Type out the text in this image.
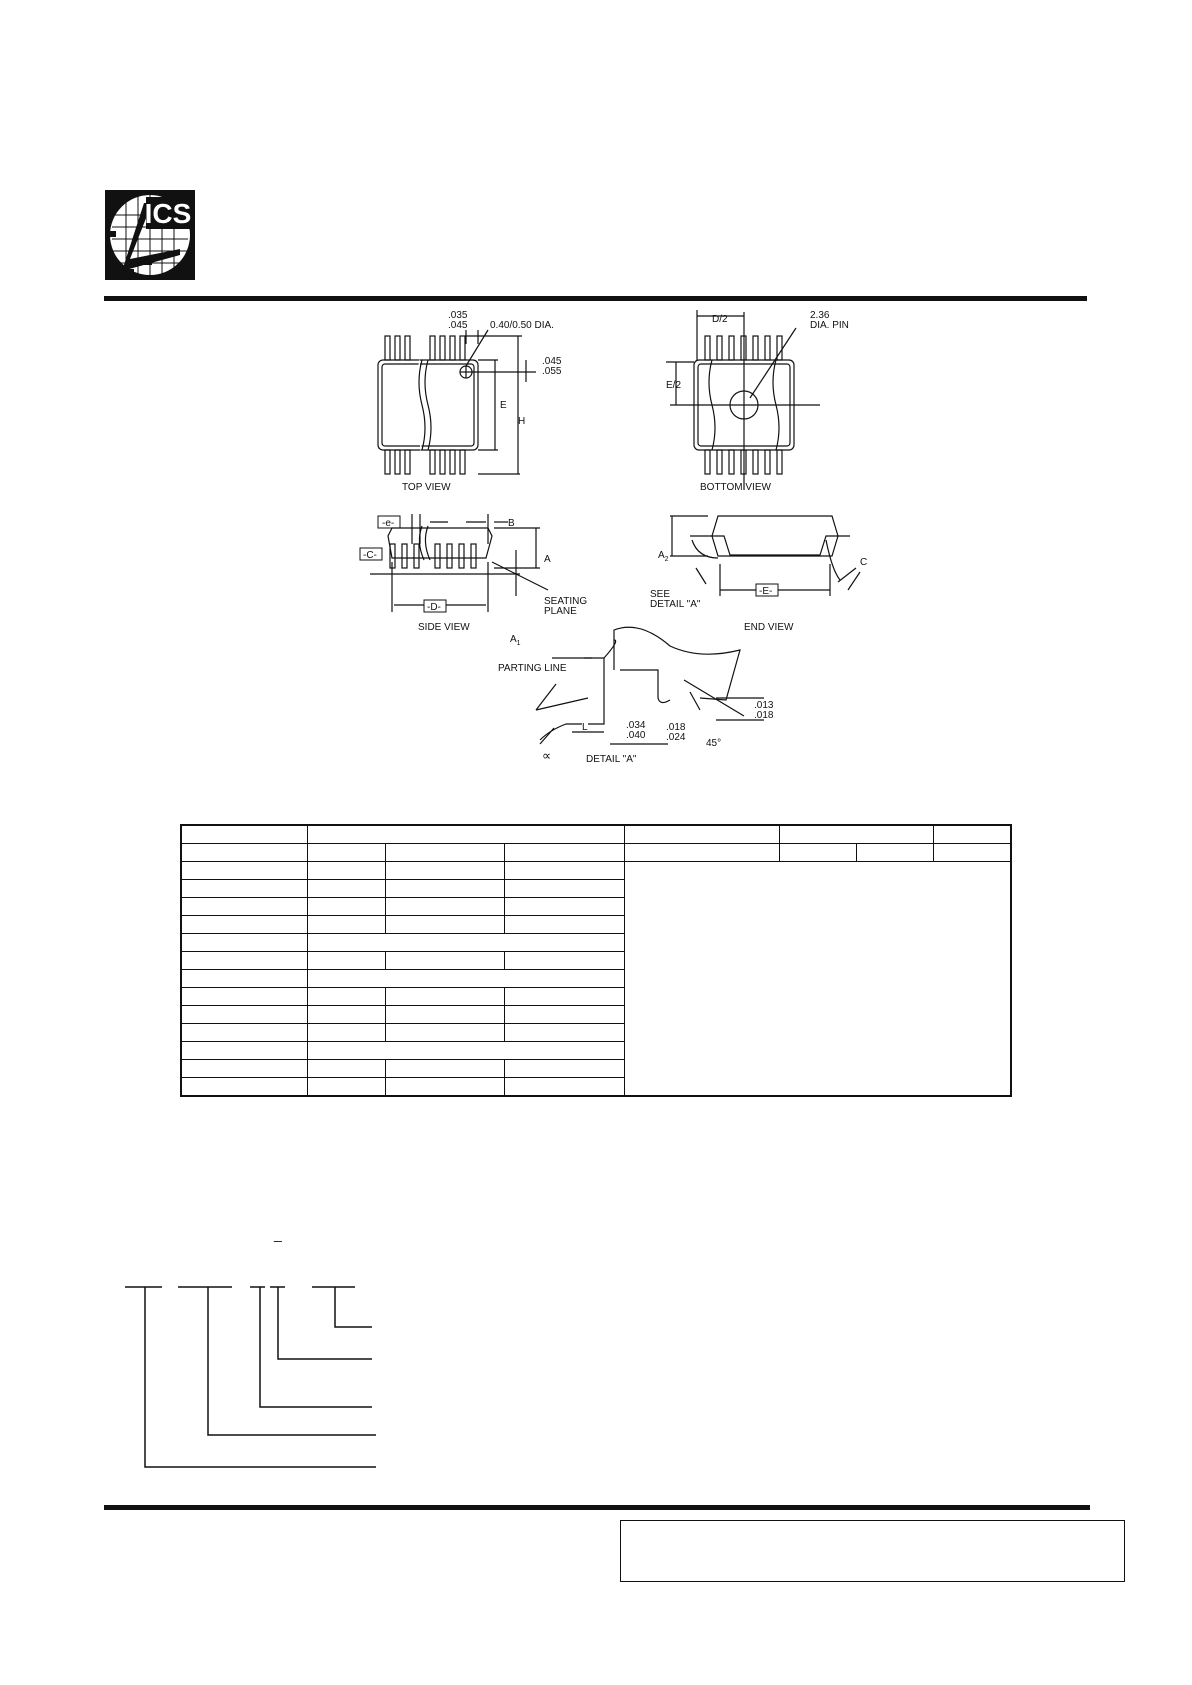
ICS
TOP VIEW
.035
.045 0.40/0.50 DIA.
.045
.055
E
H
BOTTOM VIEW
D/2
E/2
2.36
DIA. PIN
-e-
-C-
B
A
-D-
SIDE VIEW
$A_1$
SEATING
PLANE
$A_2$	C
-E-
SEE
DETAIL "A"
END VIEW
PARTING LINE
L
∝	DETAIL "A"
.034
.040
.018
.024
.013
.018
45°

_
